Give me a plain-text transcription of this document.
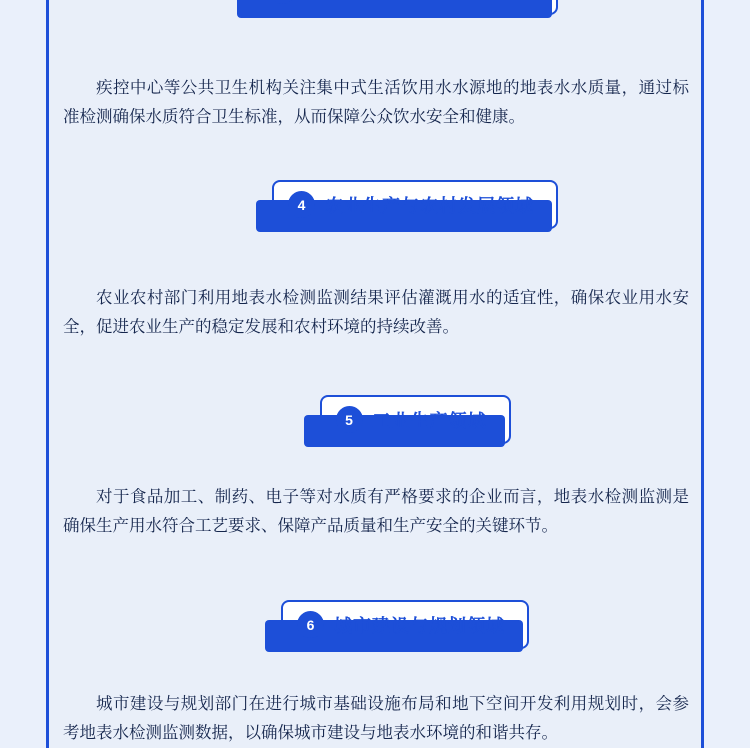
疾控中心等公共卫生机构关注集中式生活饮用水水源地的地表水水质量，通过标准检测确保水质符合卫生标准，从而保障公众饮水安全和健康。

4	农业生产与农村发展领域

农业农村部门利用地表水检测监测结果评估灌溉用水的适宜性，确保农业用水安全，促进农业生产的稳定发展和农村环境的持续改善。

5	工业生产领域

对于食品加工、制药、电子等对水质有严格要求的企业而言，地表水检测监测是确保生产用水符合工艺要求、保障产品质量和生产安全的关键环节。

6	城市建设与规划领域

城市建设与规划部门在进行城市基础设施布局和地下空间开发利用规划时，会参考地表水检测监测数据，以确保城市建设与地表水环境的和谐共存。
